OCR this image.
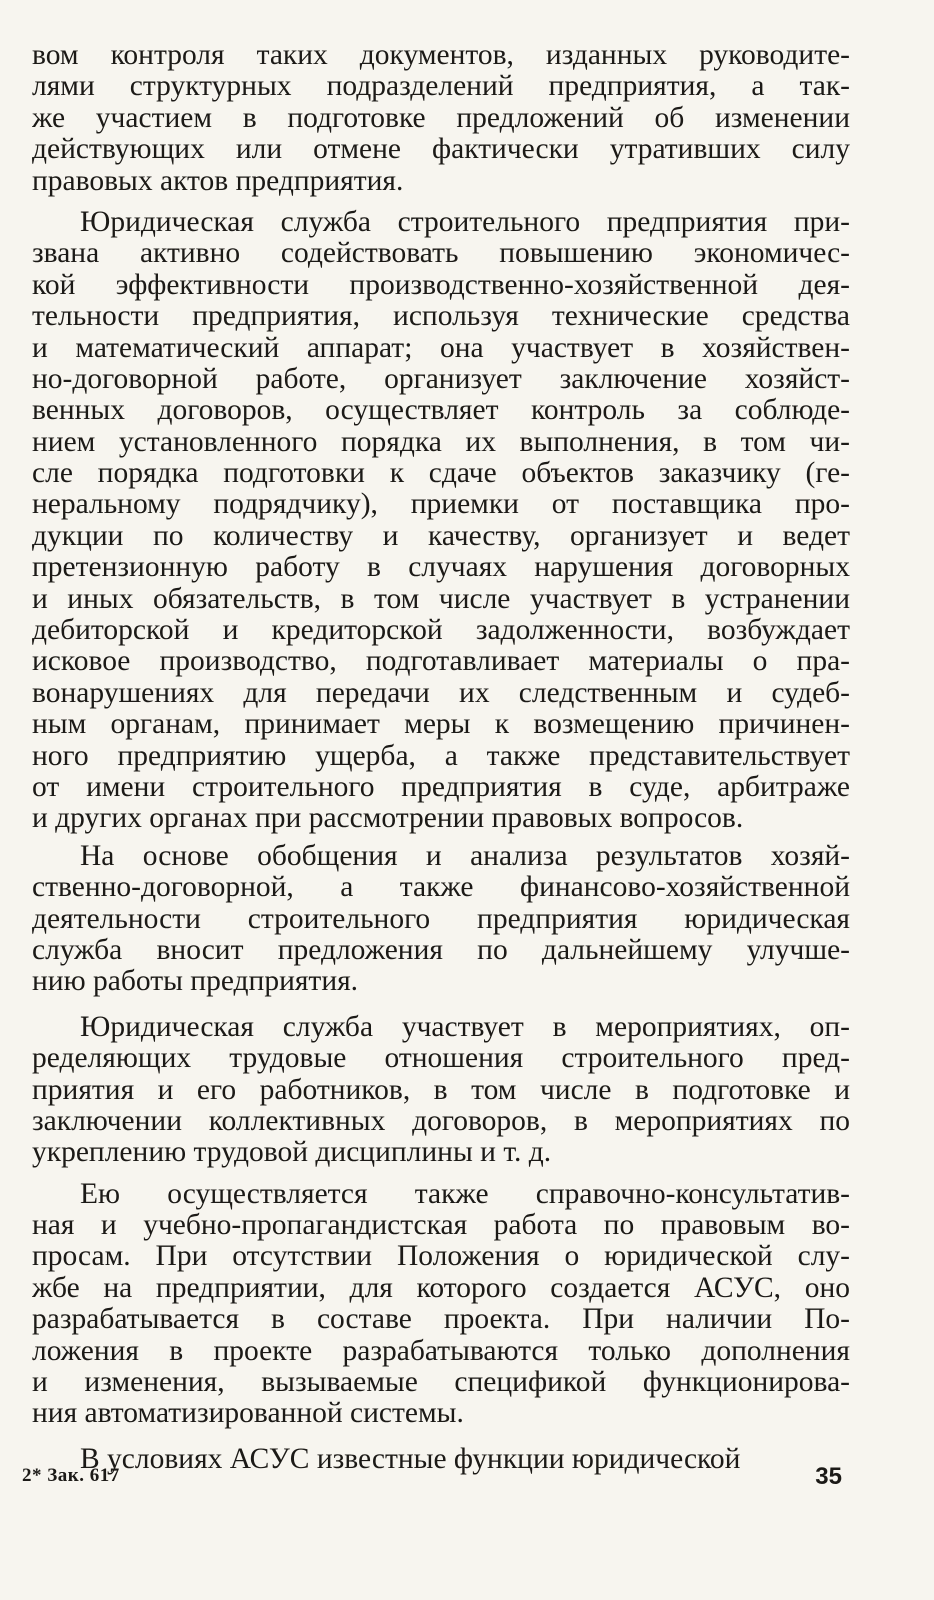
вом контроля таких документов, изданных руководите-
лями структурных подразделений предприятия, а так-
же участием в подготовке предложений об изменении
действующих или отмене фактически утративших силу
правовых актов предприятия.
Юридическая служба строительного предприятия при-
звана активно содействовать повышению экономичес-
кой эффективности производственно-хозяйственной дея-
тельности предприятия, используя технические средства
и математический аппарат; она участвует в хозяйствен-
но-договорной работе, организует заключение хозяйст-
венных договоров, осуществляет контроль за соблюде-
нием установленного порядка их выполнения, в том чи-
сле порядка подготовки к сдаче объектов заказчику (ге-
неральному подрядчику), приемки от поставщика про-
дукции по количеству и качеству, организует и ведет
претензионную работу в случаях нарушения договорных
и иных обязательств, в том числе участвует в устранении
дебиторской и кредиторской задолженности, возбуждает
исковое производство, подготавливает материалы о пра-
вонарушениях для передачи их следственным и судеб-
ным органам, принимает меры к возмещению причинен-
ного предприятию ущерба, а также представительствует
от имени строительного предприятия в суде, арбитраже
и других органах при рассмотрении правовых вопросов.
На основе обобщения и анализа результатов хозяй-
ственно-договорной, а также финансово-хозяйственной
деятельности строительного предприятия юридическая
служба вносит предложения по дальнейшему улучше-
нию работы предприятия.
Юридическая служба участвует в мероприятиях, оп-
ределяющих трудовые отношения строительного пред-
приятия и его работников, в том числе в подготовке и
заключении коллективных договоров, в мероприятиях по
укреплению трудовой дисциплины и т. д.
Ею осуществляется также справочно-консультатив-
ная и учебно-пропагандистская работа по правовым во-
просам. При отсутствии Положения о юридической слу-
жбе на предприятии, для которого создается АСУС, оно
разрабатывается в составе проекта. При наличии По-
ложения в проекте разрабатываются только дополнения
и изменения, вызываемые спецификой функционирова-
ния автоматизированной системы.
В условиях АСУС известные функции юридической
2* Зак. 617	35
